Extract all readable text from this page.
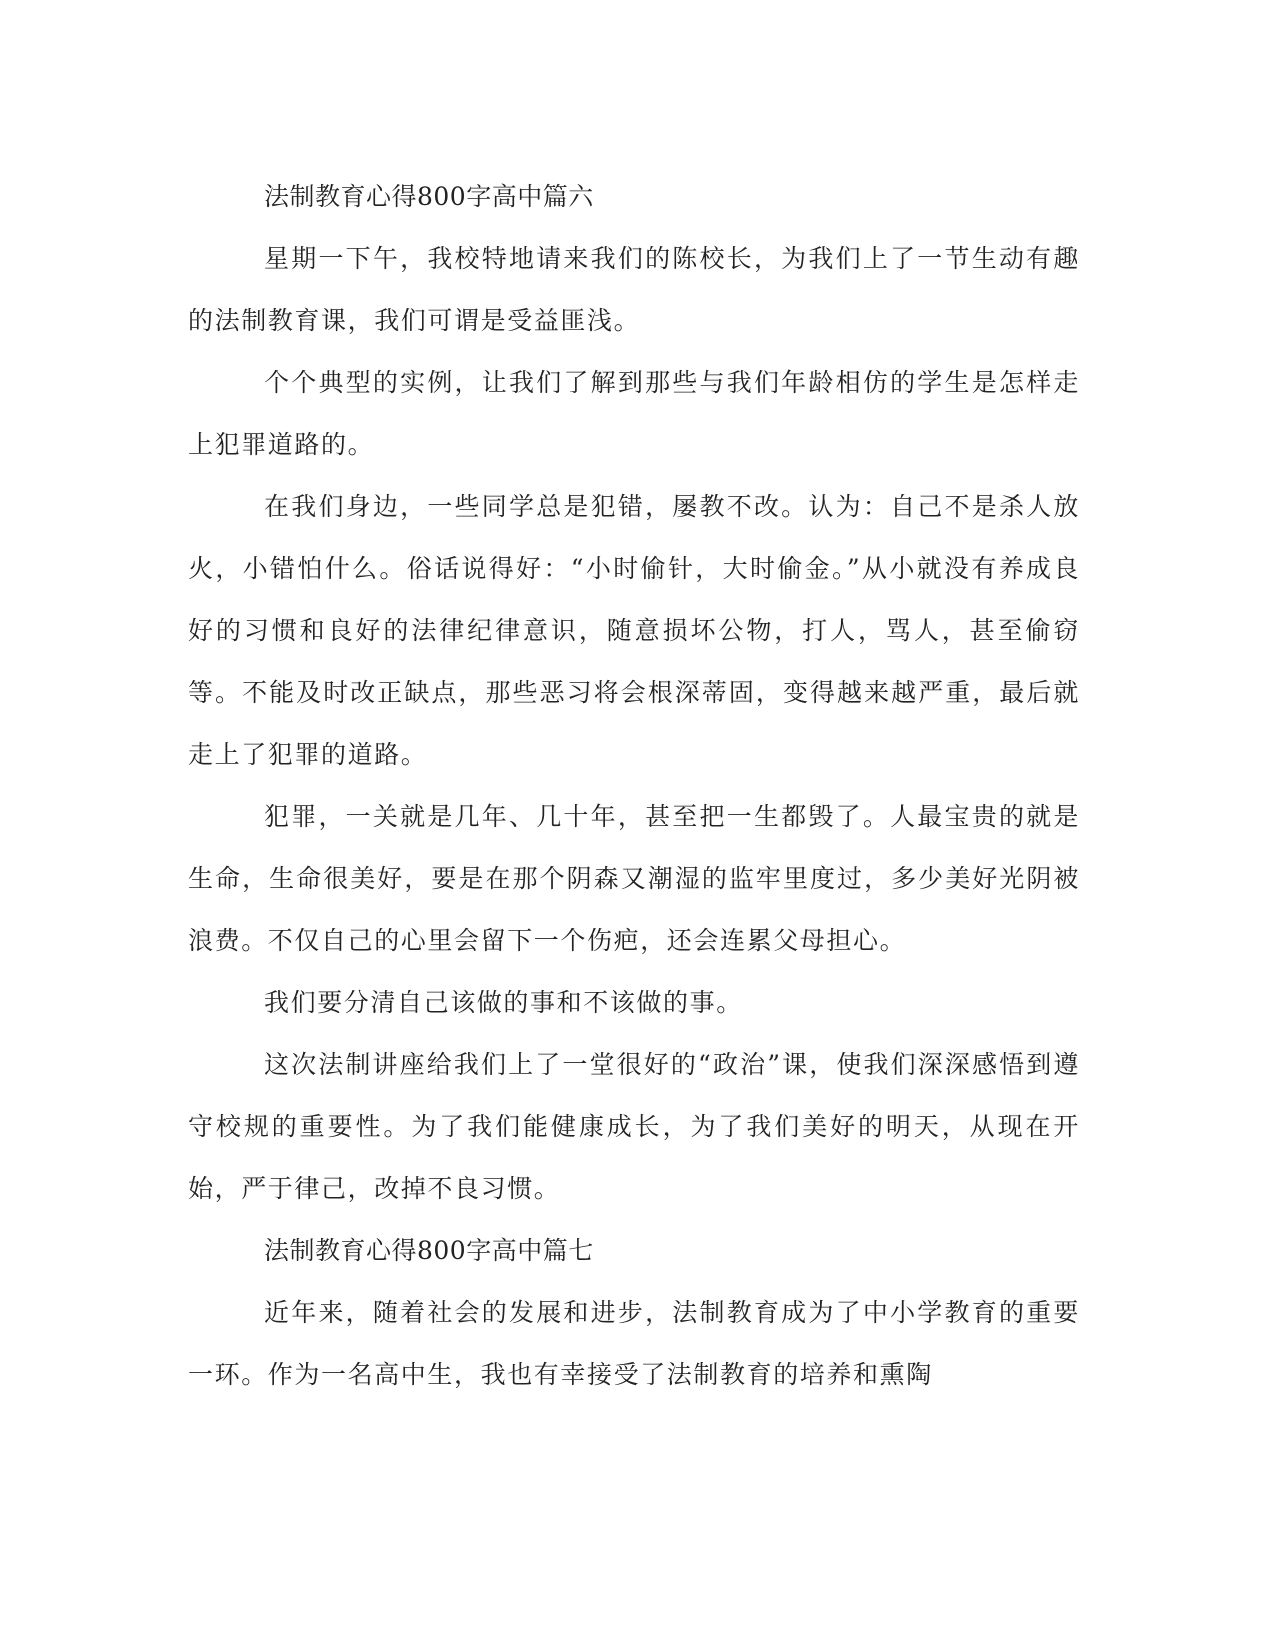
法制教育心得800字高中篇六

星期一下午，我校特地请来我们的陈校长，为我们上了一节生动有趣的法制教育课，我们可谓是受益匪浅。

个个典型的实例，让我们了解到那些与我们年龄相仿的学生是怎样走上犯罪道路的。

在我们身边，一些同学总是犯错，屡教不改。认为：自己不是杀人放火，小错怕什么。俗话说得好：“小时偷针，大时偷金。”从小就没有养成良好的习惯和良好的法律纪律意识，随意损坏公物，打人，骂人，甚至偷窃等。不能及时改正缺点，那些恶习将会根深蒂固，变得越来越严重，最后就走上了犯罪的道路。

犯罪，一关就是几年、几十年，甚至把一生都毁了。人最宝贵的就是生命，生命很美好，要是在那个阴森又潮湿的监牢里度过，多少美好光阴被浪费。不仅自己的心里会留下一个伤疤，还会连累父母担心。

我们要分清自己该做的事和不该做的事。

这次法制讲座给我们上了一堂很好的“政治”课，使我们深深感悟到遵守校规的重要性。为了我们能健康成长，为了我们美好的明天，从现在开始，严于律己，改掉不良习惯。

法制教育心得800字高中篇七

近年来，随着社会的发展和进步，法制教育成为了中小学教育的重要一环。作为一名高中生，我也有幸接受了法制教育的培养和熏陶
